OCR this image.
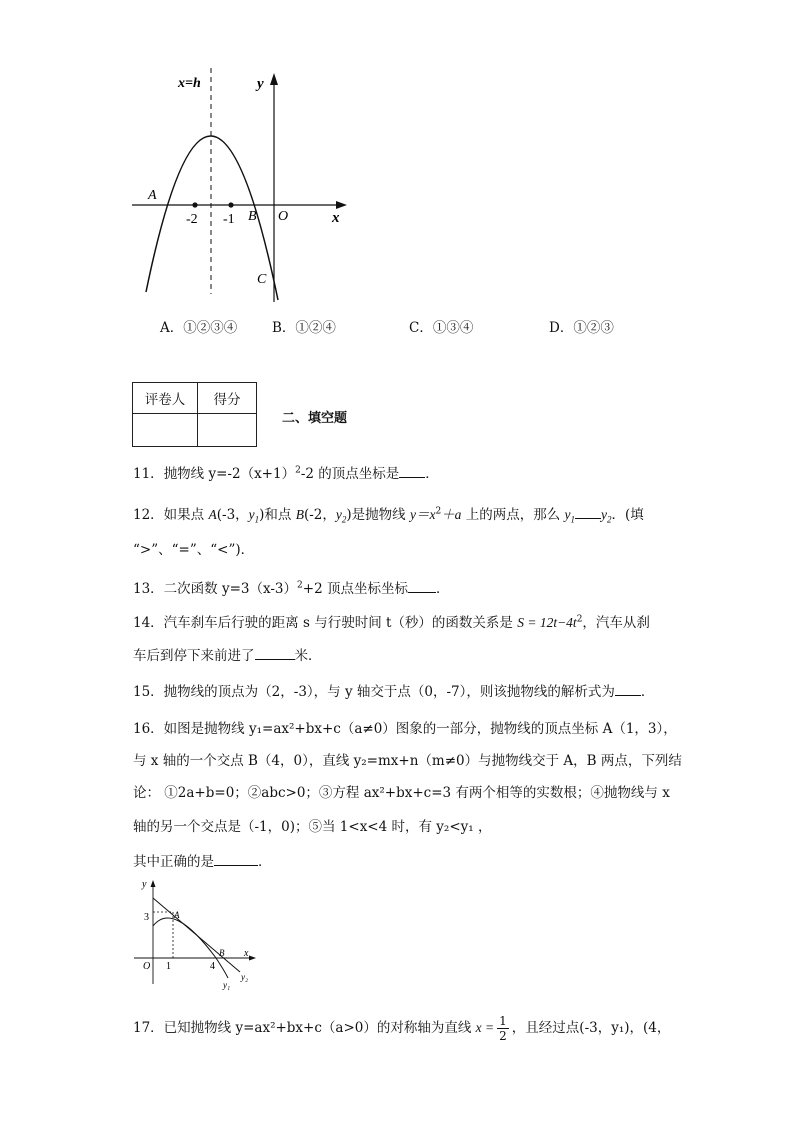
x=h	y
x
A
B O
C
-2 -1
A．①②③④	B．①②④	C．①③④	D．①②③
评卷人	得分

二、填空题
11．抛物线 $y=-2(x+1)^2-2$ 的顶点坐标是 ．
12．如果点 A(-3，$y_1$)和点 B(-2，$y_2$)是抛物线 $y=x^2+a$ 上的两点，那么 $y_1$ $y_2$．(填
“>”、“=”、“<”)．
13．二次函数 $y=3(x-3)^2+2$ 顶点坐标坐标 ．
14．汽车刹车后行驶的距离 s 与行驶时间 t（秒）的函数关系是 $S = 12t-4t^2$，汽车从刹
车后到停下来前进了	米．
15．抛物线的顶点为（2，-3），与 y 轴交于点（0，-7），则该抛物线的解析式为 ．
16．如图是抛物线 y₁=ax²+bx+c（a≠0）图象的一部分，抛物线的顶点坐标 A（1，3），
与 x 轴的一个交点 B（4，0），直线 y₂=mx+n（m≠0）与抛物线交于 A，B 两点，下列结
论： ①2a+b=0；②abc>0；③方程 ax²+bx+c=3 有两个相等的实数根；④抛物线与 x
轴的另一个交点是（-1，0)；⑤当 1<x<4 时，有 y₂<y₁ ，
其中正确的是	．
y
x
O
3
1	4
A
B
y₂
y₁
17．已知抛物线 y=ax²+bx+c（a>0）的对称轴为直线 $x = \frac{1}{2}$ ，且经过点(-3，y₁)，(4，
